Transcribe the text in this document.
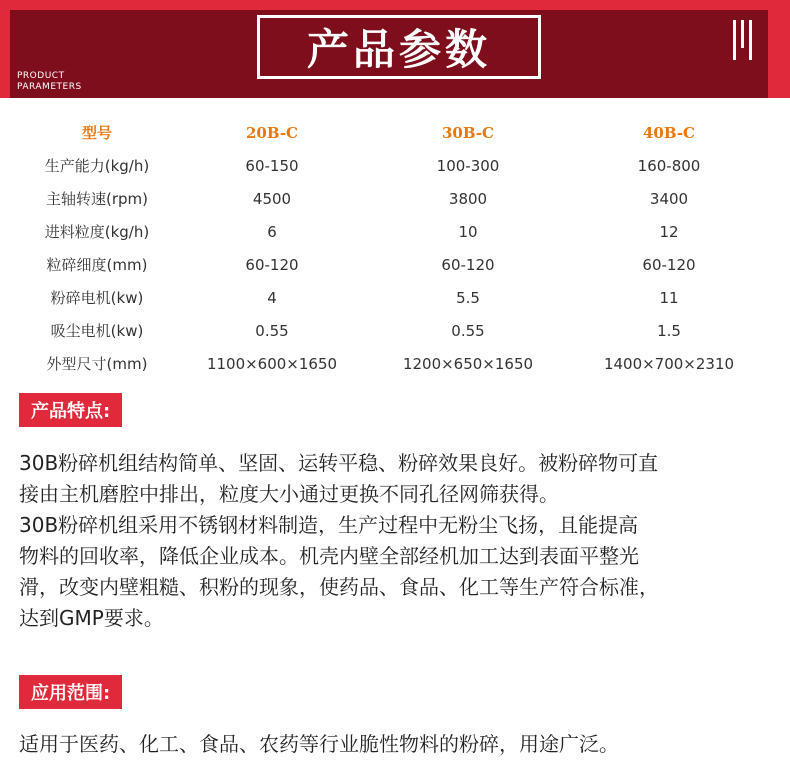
产品参数
PRODUCT
PARAMETERS
型号	20B-C	30B-C	40B-C
生产能力(kg/h)	60-150	100-300	160-800
主轴转速(rpm)	4500	3800	3400
进料粒度(kg/h)	6	10	12
粒碎细度(mm)	60-120	60-120	60-120
粉碎电机(kw)	4	5.5	11
吸尘电机(kw)	0.55	0.55	1.5
外型尺寸(mm)	1100×600×1650	1200×650×1650	1400×700×2310
产品特点:
30B粉碎机组结构简单、坚固、运转平稳、粉碎效果良好。被粉碎物可直
接由主机磨腔中排出，粒度大小通过更换不同孔径网筛获得。
30B粉碎机组采用不锈钢材料制造，生产过程中无粉尘飞扬，且能提高
物料的回收率，降低企业成本。机壳内壁全部经机加工达到表面平整光
滑，改变内壁粗糙、积粉的现象，使药品、食品、化工等生产符合标准，
达到GMP要求。
应用范围:
适用于医药、化工、食品、农药等行业脆性物料的粉碎，用途广泛。
